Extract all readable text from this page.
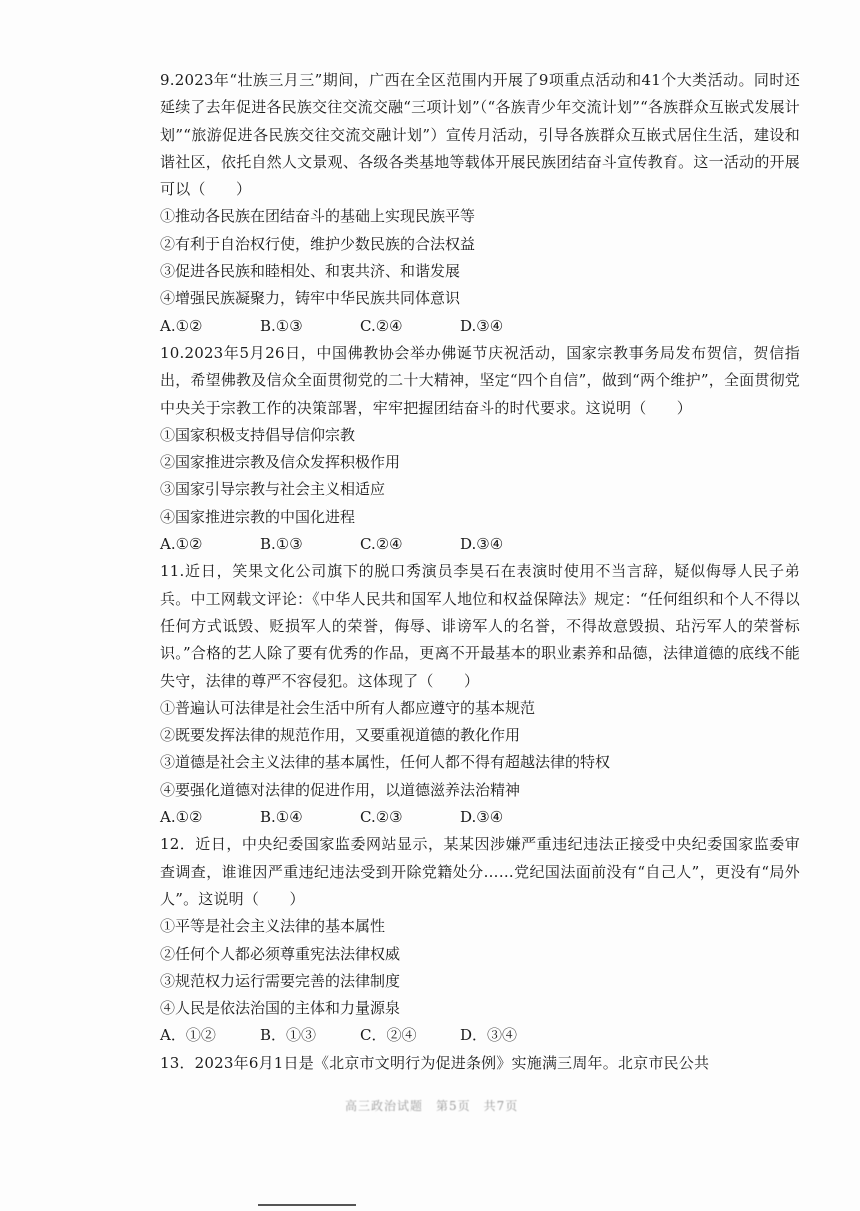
9.2023年“壮族三月三”期间，广西在全区范围内开展了9项重点活动和41个大类活动。同时还延续了去年促进各民族交往交流交融“三项计划”（“各族青少年交流计划”“各族群众互嵌式发展计划”“旅游促进各民族交往交流交融计划”）宣传月活动，引导各族群众互嵌式居住生活，建设和谐社区，依托自然人文景观、各级各类基地等载体开展民族团结奋斗宣传教育。这一活动的开展可以（　　）

①推动各民族在团结奋斗的基础上实现民族平等

②有利于自治权行使，维护少数民族的合法权益

③促进各民族和睦相处、和衷共济、和谐发展

④增强民族凝聚力，铸牢中华民族共同体意识

A.①②	B.①③	C.②④	D.③④

10.2023年5月26日，中国佛教协会举办佛诞节庆祝活动，国家宗教事务局发布贺信，贺信指出，希望佛教及信众全面贯彻党的二十大精神，坚定“四个自信”，做到“两个维护”，全面贯彻党中央关于宗教工作的决策部署，牢牢把握团结奋斗的时代要求。这说明（　　）

①国家积极支持倡导信仰宗教

②国家推进宗教及信众发挥积极作用

③国家引导宗教与社会主义相适应

④国家推进宗教的中国化进程

A.①②	B.①③	C.②④	D.③④

11.近日，笑果文化公司旗下的脱口秀演员李昊石在表演时使用不当言辞，疑似侮辱人民子弟兵。中工网载文评论：《中华人民共和国军人地位和权益保障法》规定：“任何组织和个人不得以任何方式诋毁、贬损军人的荣誉，侮辱、诽谤军人的名誉，不得故意毁损、玷污军人的荣誉标识。”合格的艺人除了要有优秀的作品，更离不开最基本的职业素养和品德，法律道德的底线不能失守，法律的尊严不容侵犯。这体现了（　　）

①普遍认可法律是社会生活中所有人都应遵守的基本规范

②既要发挥法律的规范作用，又要重视道德的教化作用

③道德是社会主义法律的基本属性，任何人都不得有超越法律的特权

④要强化道德对法律的促进作用，以道德滋养法治精神

A.①②	B.①④	C.②③	D.③④

12．近日，中央纪委国家监委网站显示，某某因涉嫌严重违纪违法正接受中央纪委国家监委审查调查，谁谁因严重违纪违法受到开除党籍处分……党纪国法面前没有“自己人”，更没有“局外人”。这说明（　　）

①平等是社会主义法律的基本属性

②任何个人都必须尊重宪法法律权威

③规范权力运行需要完善的法律制度

④人民是依法治国的主体和力量源泉

A．①②	B．①③	C．②④	D．③④

13．2023年6月1日是《北京市文明行为促进条例》实施满三周年。北京市民公共

高三政治试题　第5页　共7页
